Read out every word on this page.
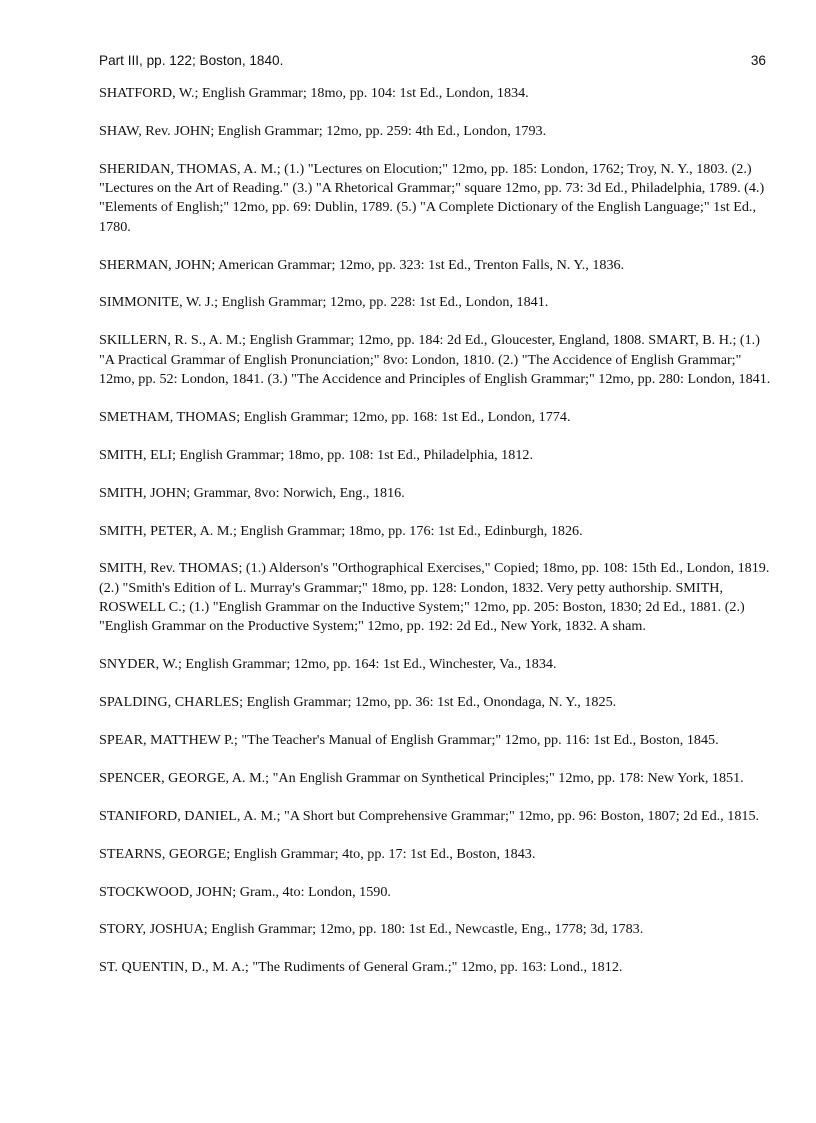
Part III, pp. 122; Boston, 1840.	36

SHATFORD, W.; English Grammar; 18mo, pp. 104: 1st Ed., London, 1834.

SHAW, Rev. JOHN; English Grammar; 12mo, pp. 259: 4th Ed., London, 1793.

SHERIDAN, THOMAS, A. M.; (1.) "Lectures on Elocution;" 12mo, pp. 185: London, 1762; Troy, N. Y., 1803. (2.) "Lectures on the Art of Reading." (3.) "A Rhetorical Grammar;" square 12mo, pp. 73: 3d Ed., Philadelphia, 1789. (4.) "Elements of English;" 12mo, pp. 69: Dublin, 1789. (5.) "A Complete Dictionary of the English Language;" 1st Ed., 1780.

SHERMAN, JOHN; American Grammar; 12mo, pp. 323: 1st Ed., Trenton Falls, N. Y., 1836.

SIMMONITE, W. J.; English Grammar; 12mo, pp. 228: 1st Ed., London, 1841.

SKILLERN, R. S., A. M.; English Grammar; 12mo, pp. 184: 2d Ed., Gloucester, England, 1808. SMART, B. H.; (1.) "A Practical Grammar of English Pronunciation;" 8vo: London, 1810. (2.) "The Accidence of English Grammar;" 12mo, pp. 52: London, 1841. (3.) "The Accidence and Principles of English Grammar;" 12mo, pp. 280: London, 1841.

SMETHAM, THOMAS; English Grammar; 12mo, pp. 168: 1st Ed., London, 1774.

SMITH, ELI; English Grammar; 18mo, pp. 108: 1st Ed., Philadelphia, 1812.

SMITH, JOHN; Grammar, 8vo: Norwich, Eng., 1816.

SMITH, PETER, A. M.; English Grammar; 18mo, pp. 176: 1st Ed., Edinburgh, 1826.

SMITH, Rev. THOMAS; (1.) Alderson's "Orthographical Exercises," Copied; 18mo, pp. 108: 15th Ed., London, 1819. (2.) "Smith's Edition of L. Murray's Grammar;" 18mo, pp. 128: London, 1832. Very petty authorship. SMITH, ROSWELL C.; (1.) "English Grammar on the Inductive System;" 12mo, pp. 205: Boston, 1830; 2d Ed., 1881. (2.) "English Grammar on the Productive System;" 12mo, pp. 192: 2d Ed., New York, 1832. A sham.

SNYDER, W.; English Grammar; 12mo, pp. 164: 1st Ed., Winchester, Va., 1834.

SPALDING, CHARLES; English Grammar; 12mo, pp. 36: 1st Ed., Onondaga, N. Y., 1825.

SPEAR, MATTHEW P.; "The Teacher's Manual of English Grammar;" 12mo, pp. 116: 1st Ed., Boston, 1845.

SPENCER, GEORGE, A. M.; "An English Grammar on Synthetical Principles;" 12mo, pp. 178: New York, 1851.

STANIFORD, DANIEL, A. M.; "A Short but Comprehensive Grammar;" 12mo, pp. 96: Boston, 1807; 2d Ed., 1815.

STEARNS, GEORGE; English Grammar; 4to, pp. 17: 1st Ed., Boston, 1843.

STOCKWOOD, JOHN; Gram., 4to: London, 1590.

STORY, JOSHUA; English Grammar; 12mo, pp. 180: 1st Ed., Newcastle, Eng., 1778; 3d, 1783.

ST. QUENTIN, D., M. A.; "The Rudiments of General Gram.;" 12mo, pp. 163: Lond., 1812.
